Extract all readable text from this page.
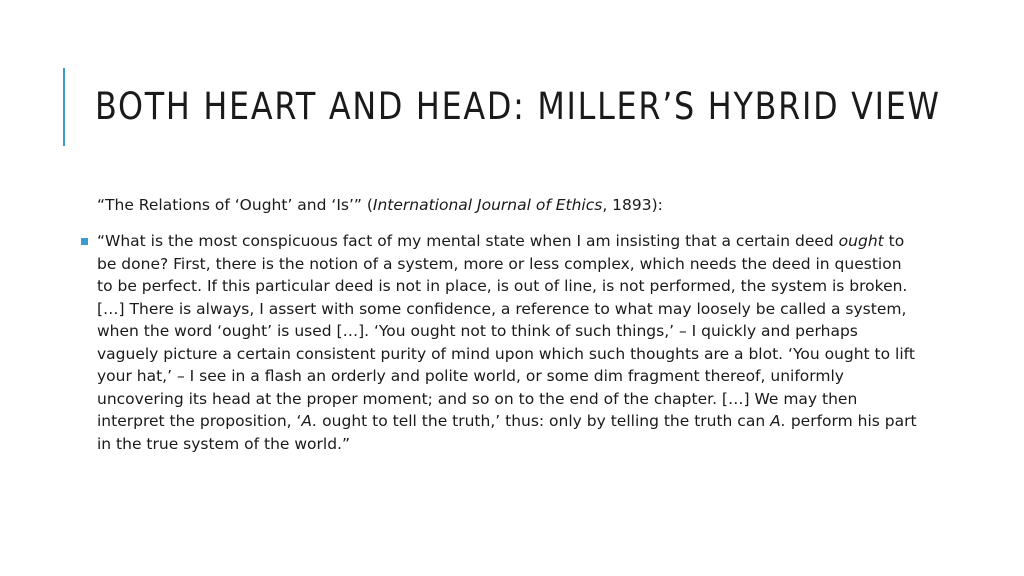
BOTH HEART AND HEAD: MILLER’S HYBRID VIEW

“The Relations of ‘Ought’ and ‘Is’” (International Journal of Ethics, 1893):

“What is the most conspicuous fact of my mental state when I am insisting that a certain deed ought to be done? First, there is the notion of a system, more or less complex, which needs the deed in question to be perfect. If this particular deed is not in place, is out of line, is not performed, the system is broken. […] There is always, I assert with some confidence, a reference to what may loosely be called a system, when the word ‘ought’ is used […]. ‘You ought not to think of such things,’ – I quickly and perhaps vaguely picture a certain consistent purity of mind upon which such thoughts are a blot. ‘You ought to lift your hat,’ – I see in a flash an orderly and polite world, or some dim fragment thereof, uniformly uncovering its head at the proper moment; and so on to the end of the chapter. […] We may then interpret the proposition, ‘A. ought to tell the truth,’ thus: only by telling the truth can A. perform his part in the true system of the world.”
